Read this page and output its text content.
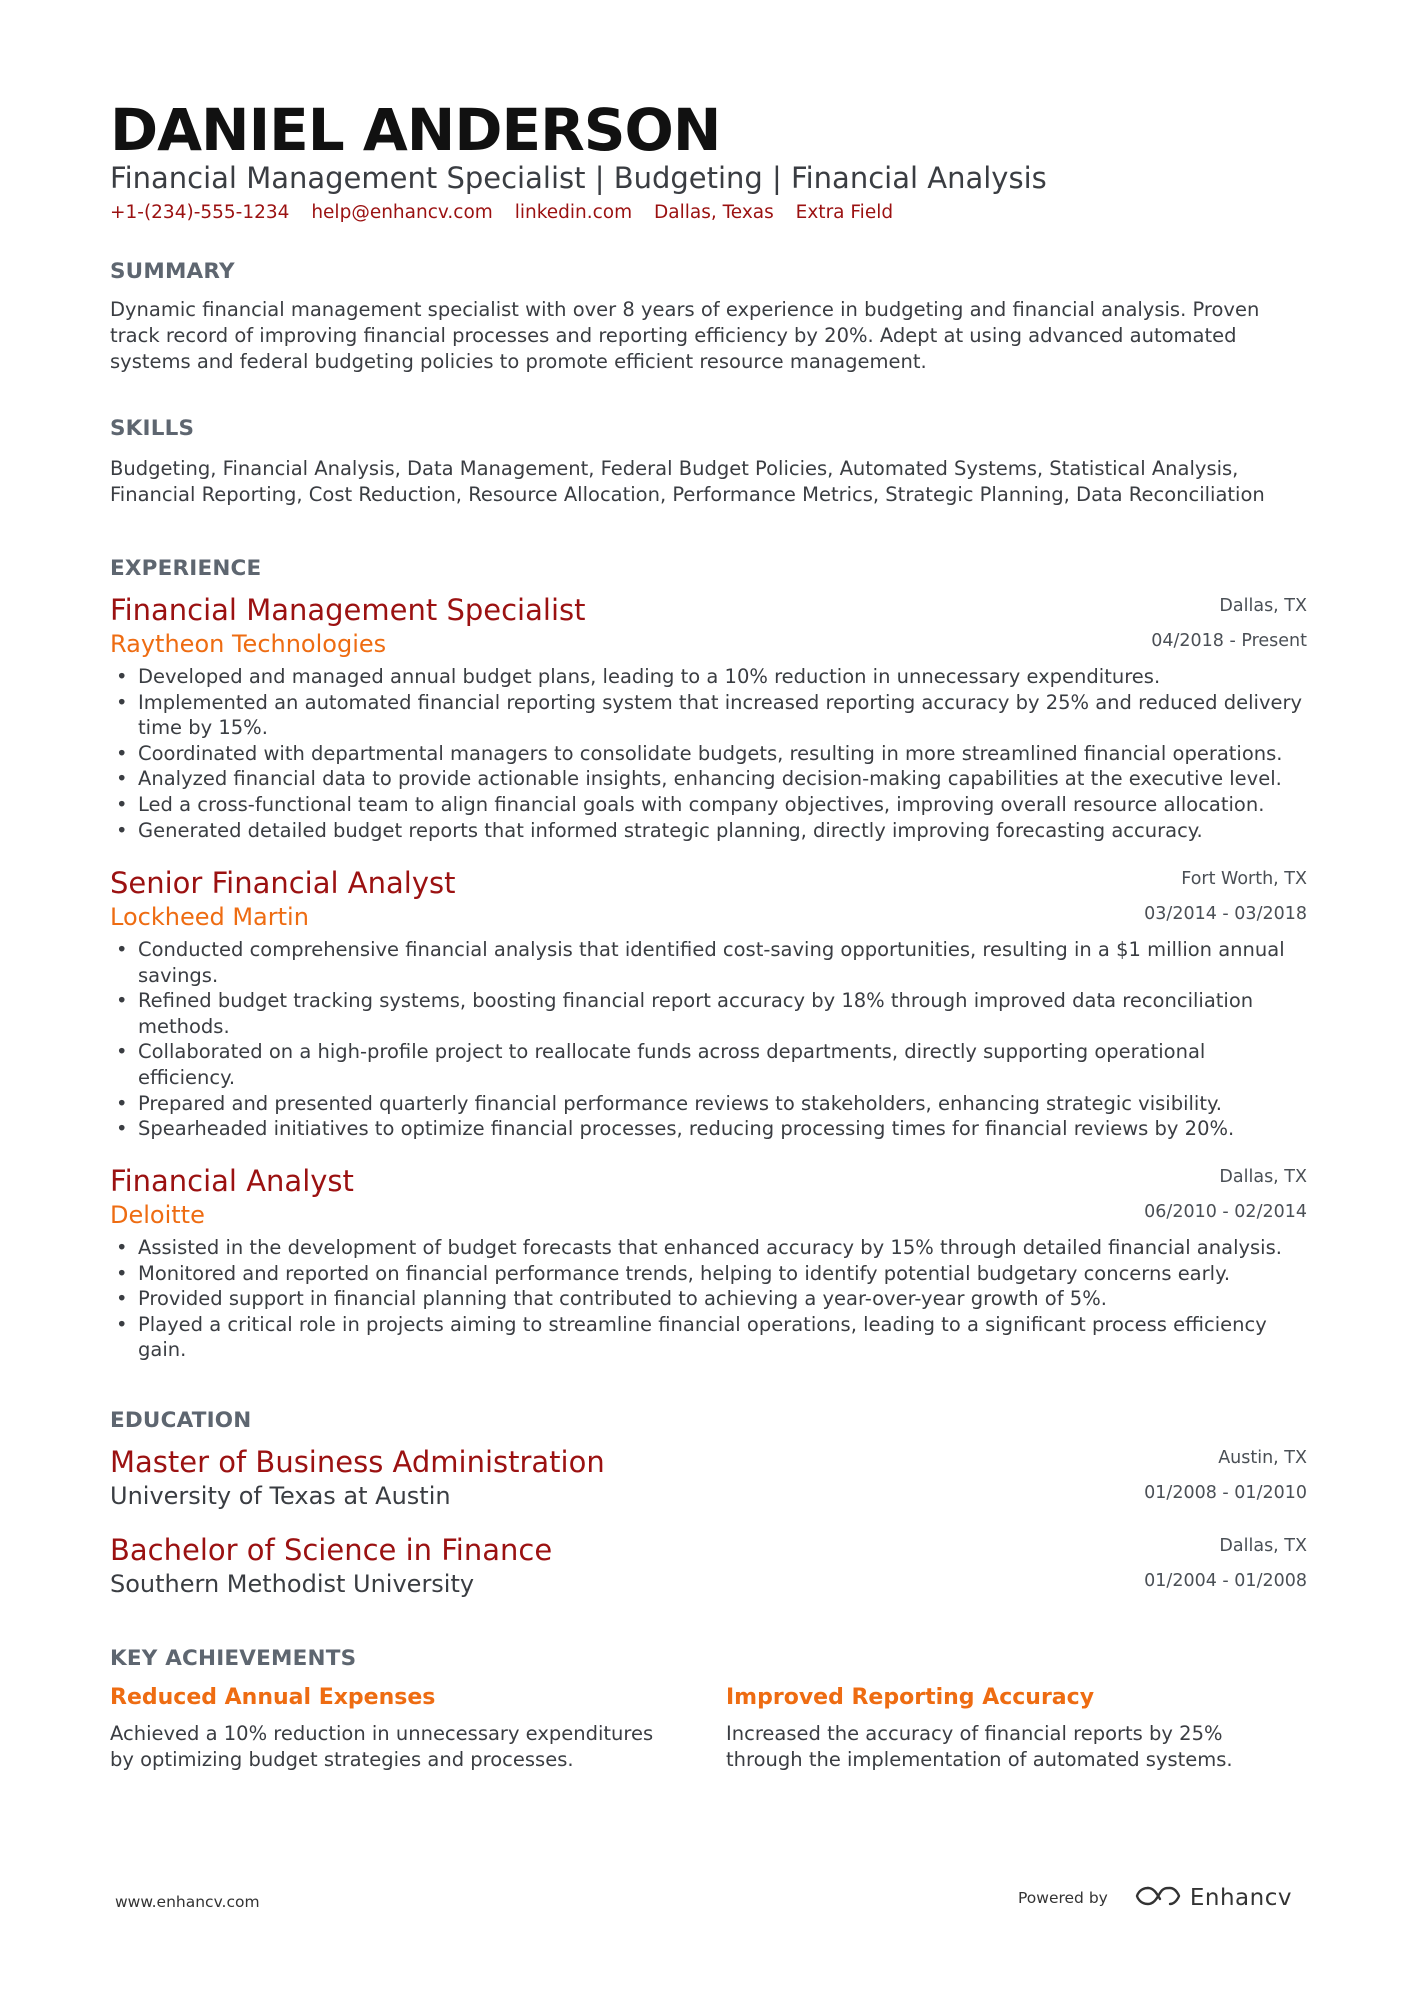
DANIEL ANDERSON
Financial Management Specialist | Budgeting | Financial Analysis
+1-(234)-555-1234 help@enhancv.com linkedin.com Dallas, Texas Extra Field
SUMMARY
Dynamic financial management specialist with over 8 years of experience in budgeting and financial analysis. Proven
track record of improving financial processes and reporting efficiency by 20%. Adept at using advanced automated
systems and federal budgeting policies to promote efficient resource management.
SKILLS
Budgeting, Financial Analysis, Data Management, Federal Budget Policies, Automated Systems, Statistical Analysis,
Financial Reporting, Cost Reduction, Resource Allocation, Performance Metrics, Strategic Planning, Data Reconciliation
EXPERIENCE
Financial Management Specialist
Raytheon Technologies
Dallas, TX
04/2018 - Present
• Developed and managed annual budget plans, leading to a 10% reduction in unnecessary expenditures.
• Implemented an automated financial reporting system that increased reporting accuracy by 25% and reduced delivery time by 15%.
• Coordinated with departmental managers to consolidate budgets, resulting in more streamlined financial operations.
• Analyzed financial data to provide actionable insights, enhancing decision-making capabilities at the executive level.
• Led a cross-functional team to align financial goals with company objectives, improving overall resource allocation.
• Generated detailed budget reports that informed strategic planning, directly improving forecasting accuracy.
Senior Financial Analyst
Lockheed Martin
Fort Worth, TX
03/2014 - 03/2018
• Conducted comprehensive financial analysis that identified cost-saving opportunities, resulting in a $1 million annual savings.
• Refined budget tracking systems, boosting financial report accuracy by 18% through improved data reconciliation methods.
• Collaborated on a high-profile project to reallocate funds across departments, directly supporting operational efficiency.
• Prepared and presented quarterly financial performance reviews to stakeholders, enhancing strategic visibility.
• Spearheaded initiatives to optimize financial processes, reducing processing times for financial reviews by 20%.
Financial Analyst
Deloitte
Dallas, TX
06/2010 - 02/2014
• Assisted in the development of budget forecasts that enhanced accuracy by 15% through detailed financial analysis.
• Monitored and reported on financial performance trends, helping to identify potential budgetary concerns early.
• Provided support in financial planning that contributed to achieving a year-over-year growth of 5%.
• Played a critical role in projects aiming to streamline financial operations, leading to a significant process efficiency gain.
EDUCATION
Master of Business Administration
University of Texas at Austin
Austin, TX
01/2008 - 01/2010
Bachelor of Science in Finance
Southern Methodist University
Dallas, TX
01/2004 - 01/2008
KEY ACHIEVEMENTS
Reduced Annual Expenses
Achieved a 10% reduction in unnecessary expenditures by optimizing budget strategies and processes.
Improved Reporting Accuracy
Increased the accuracy of financial reports by 25% through the implementation of automated systems.
www.enhancv.com	Powered by	Enhancv
